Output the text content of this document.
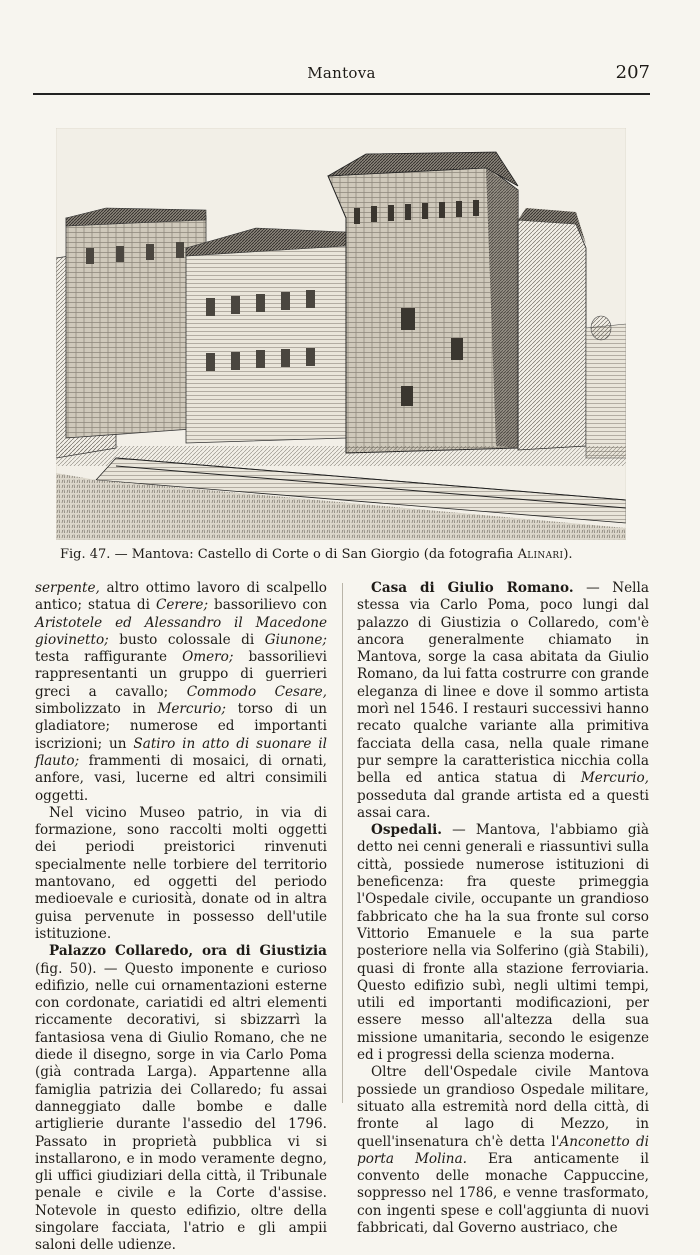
Mantova	207
Fig. 47. — Mantova: Castello di Corte o di San Giorgio (da fotografia Alinari).

serpente, altro ottimo lavoro di scalpello antico; statua di Cerere; bassorilievo con Aristotele ed Alessandro il Macedone giovinetto; busto colossale di Giunone; testa raffigurante Omero; bassorilievi rappresentanti un gruppo di guerrieri greci a cavallo; Commodo Cesare, simbolizzato in Mercurio; torso di un gladiatore; numerose ed importanti iscrizioni; un Satiro in atto di suonare il flauto; frammenti di mosaici, di ornati, anfore, vasi, lucerne ed altri consimili oggetti.

Nel vicino Museo patrio, in via di formazione, sono raccolti molti oggetti dei periodi preistorici rinvenuti specialmente nelle torbiere del territorio mantovano, ed oggetti del periodo medioevale e curiosità, donate od in altra guisa pervenute in possesso dell'utile istituzione.

Palazzo Collaredo, ora di Giustizia (fig. 50). — Questo imponente e curioso edifizio, nelle cui ornamentazioni esterne con cordonate, cariatidi ed altri elementi riccamente decorativi, si sbizzarrì la fantasiosa vena di Giulio Romano, che ne diede il disegno, sorge in via Carlo Poma (già contrada Larga). Appartenne alla famiglia patrizia dei Collaredo; fu assai danneggiato dalle bombe e dalle artiglierie durante l'assedio del 1796. Passato in proprietà pubblica vi si installarono, e in modo veramente degno, gli uffici giudiziari della città, il Tribunale penale e civile e la Corte d'assise. Notevole in questo edifizio, oltre della singolare facciata, l'atrio e gli ampii saloni delle udienze.

Casa di Giulio Romano. — Nella stessa via Carlo Poma, poco lungi dal palazzo di Giustizia o Collaredo, com'è ancora generalmente chiamato in Mantova, sorge la casa abitata da Giulio Romano, da lui fatta costrurre con grande eleganza di linee e dove il sommo artista morì nel 1546. I restauri successivi hanno recato qualche variante alla primitiva facciata della casa, nella quale rimane pur sempre la caratteristica nicchia colla bella ed antica statua di Mercurio, posseduta dal grande artista ed a questi assai cara.

Ospedali. — Mantova, l'abbiamo già detto nei cenni generali e riassuntivi sulla città, possiede numerose istituzioni di beneficenza: fra queste primeggia l'Ospedale civile, occupante un grandioso fabbricato che ha la sua fronte sul corso Vittorio Emanuele e la sua parte posteriore nella via Solferino (già Stabili), quasi di fronte alla stazione ferroviaria. Questo edifizio subì, negli ultimi tempi, utili ed importanti modificazioni, per essere messo all'altezza della sua missione umanitaria, secondo le esigenze ed i progressi della scienza moderna.

Oltre dell'Ospedale civile Mantova possiede un grandioso Ospedale militare, situato alla estremità nord della città, di fronte al lago di Mezzo, in quell'insenatura ch'è detta l'Anconetto di porta Molina. Era anticamente il convento delle monache Cappuccine, soppresso nel 1786, e venne trasformato, con ingenti spese e coll'aggiunta di nuovi fabbricati, dal Governo austriaco, che
